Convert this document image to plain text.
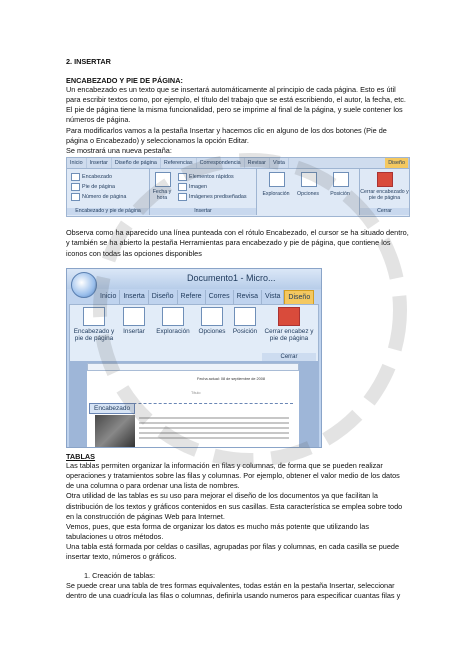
2. INSERTAR

ENCABEZADO Y PIE DE PÁGINA:

Un encabezado es un texto que se insertará automáticamente al principio de cada página. Esto es útil

para escribir textos como, por ejemplo, el título del trabajo que se está escribiendo, el autor, la fecha, etc.

El pie de página tiene la misma funcionalidad, pero se imprime al final de la página, y suele contener los

números de página.

Para modificarlos vamos a la pestaña Insertar y hacemos clic en alguno de los dos botones (Pie de

página o Encabezado) y seleccionamos la opción Editar.

Se mostrará una nueva pestaña:

Inicio	Insertar	Diseño de página	Referencias	Correspondencia	Revisar	Vista	Diseño
Encabezado
Pie de página
Número de página
Encabezado y pie de página
Fecha y hora
Elementos rápidos
Imagen
Imágenes prediseñadas
Insertar
Exploración	Opciones	Posición	Cerrar encabezado y pie de página
Cerrar

Observa como ha aparecido una línea punteada con el rótulo Encabezado, el cursor se ha situado dentro,

y también se ha abierto la pestaña Herramientas para encabezado y pie de página, que contiene los

iconos con todas las opciones disponibles

Documento1 - Micro...
Inicio	Inserta	Diseño	Refere	Corres	Revisa	Vista	Diseño
Encabezado y pie de página
Insertar	Exploración	Opciones	Posición	Cerrar encabez y pie de página
Cerrar
Fecha actual: 08 de septiembre de 2008
Título
Encabezado

TABLAS

Las tablas permiten organizar la información en filas y columnas, de forma que se pueden realizar

operaciones y tratamientos sobre las filas y columnas. Por ejemplo, obtener el valor medio de los datos

de una columna o para ordenar una lista de nombres.

Otra utilidad de las tablas es su uso para mejorar el diseño de los documentos ya que facilitan la

distribución de los textos y gráficos contenidos en sus casillas. Esta característica se emplea sobre todo

en la construcción de páginas Web para Internet.

Vemos, pues, que esta forma de organizar los datos es mucho más potente que utilizando las

tabulaciones u otros métodos.

Una tabla está formada por celdas o casillas, agrupadas por filas y columnas, en cada casilla se puede

insertar texto, números o gráficos.

1. Creación de tablas:

Se puede crear una tabla de tres formas equivalentes, todas están en la pestaña Insertar, seleccionar

dentro de una cuadrícula las filas o columnas, definirla usando numeros para especificar cuantas filas y
